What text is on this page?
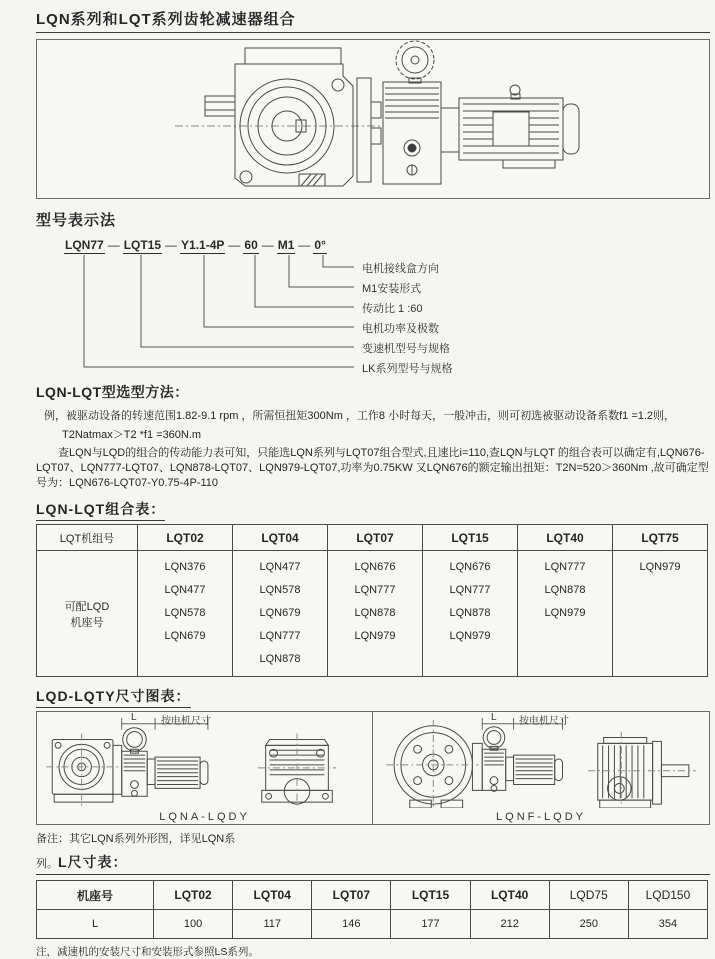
LQN系列和LQT系列齿轮减速器组合
型号表示法
LQN77 — LQT15 — Y1.1-4P — 60 — M1 — 0°
电机接线盒方向
M1安装形式
传动比 1 :60
电机功率及极数
变速机型号与规格
LK系列型号与规格
LQN-LQT型选型方法：
例，被驱动设备的转速范围1.82-9.1 rpm ，所需恒扭矩300Nm ，工作8 小时每天，一般冲击，则可初选被驱动设备系数f1 =1.2则，
T2Natmax＞T2 *f1 =360N.m
查LQN与LQD的组合的传动能力表可知，只能选LQN系列与LQT07组合型式,且速比i=110,查LQN与LQT 的组合表可以确定有,LQN676-LQT07、LQN777-LQT07、LQN878-LQT07、LQN979-LQT07,功率为0.75KW 又LQN676的额定输出扭矩：T2N=520＞360Nm ,故可确定型号为：LQN676-LQT07-Y0.75-4P-110
LQN-LQT组合表：
LQT机组号	LQT02	LQT04	LQT07	LQT15	LQT40	LQT75

可配LQD
机座号

LQN376
LQN477
LQN578
LQN679

LQN477
LQN578
LQN679
LQN777
LQN878

LQN676
LQN777
LQN878
LQN979

LQN676
LQN777
LQN878
LQN979

LQN777
LQN878
LQN979

LQN979
LQD-LQTY尺寸图表：
L 按电机尺寸
LQNA-LQDY
L 按电机尺寸
LQNF-LQDY
备注：其它LQN系列外形图，详见LQN系
列。L尺寸表：
机座号	LQT02	LQT04	LQT07	LQT15	LQT40	LQD75	LQD150
L	100	117	146	177	212	250	354
注，减速机的安装尺寸和安装形式参照LS系列。
